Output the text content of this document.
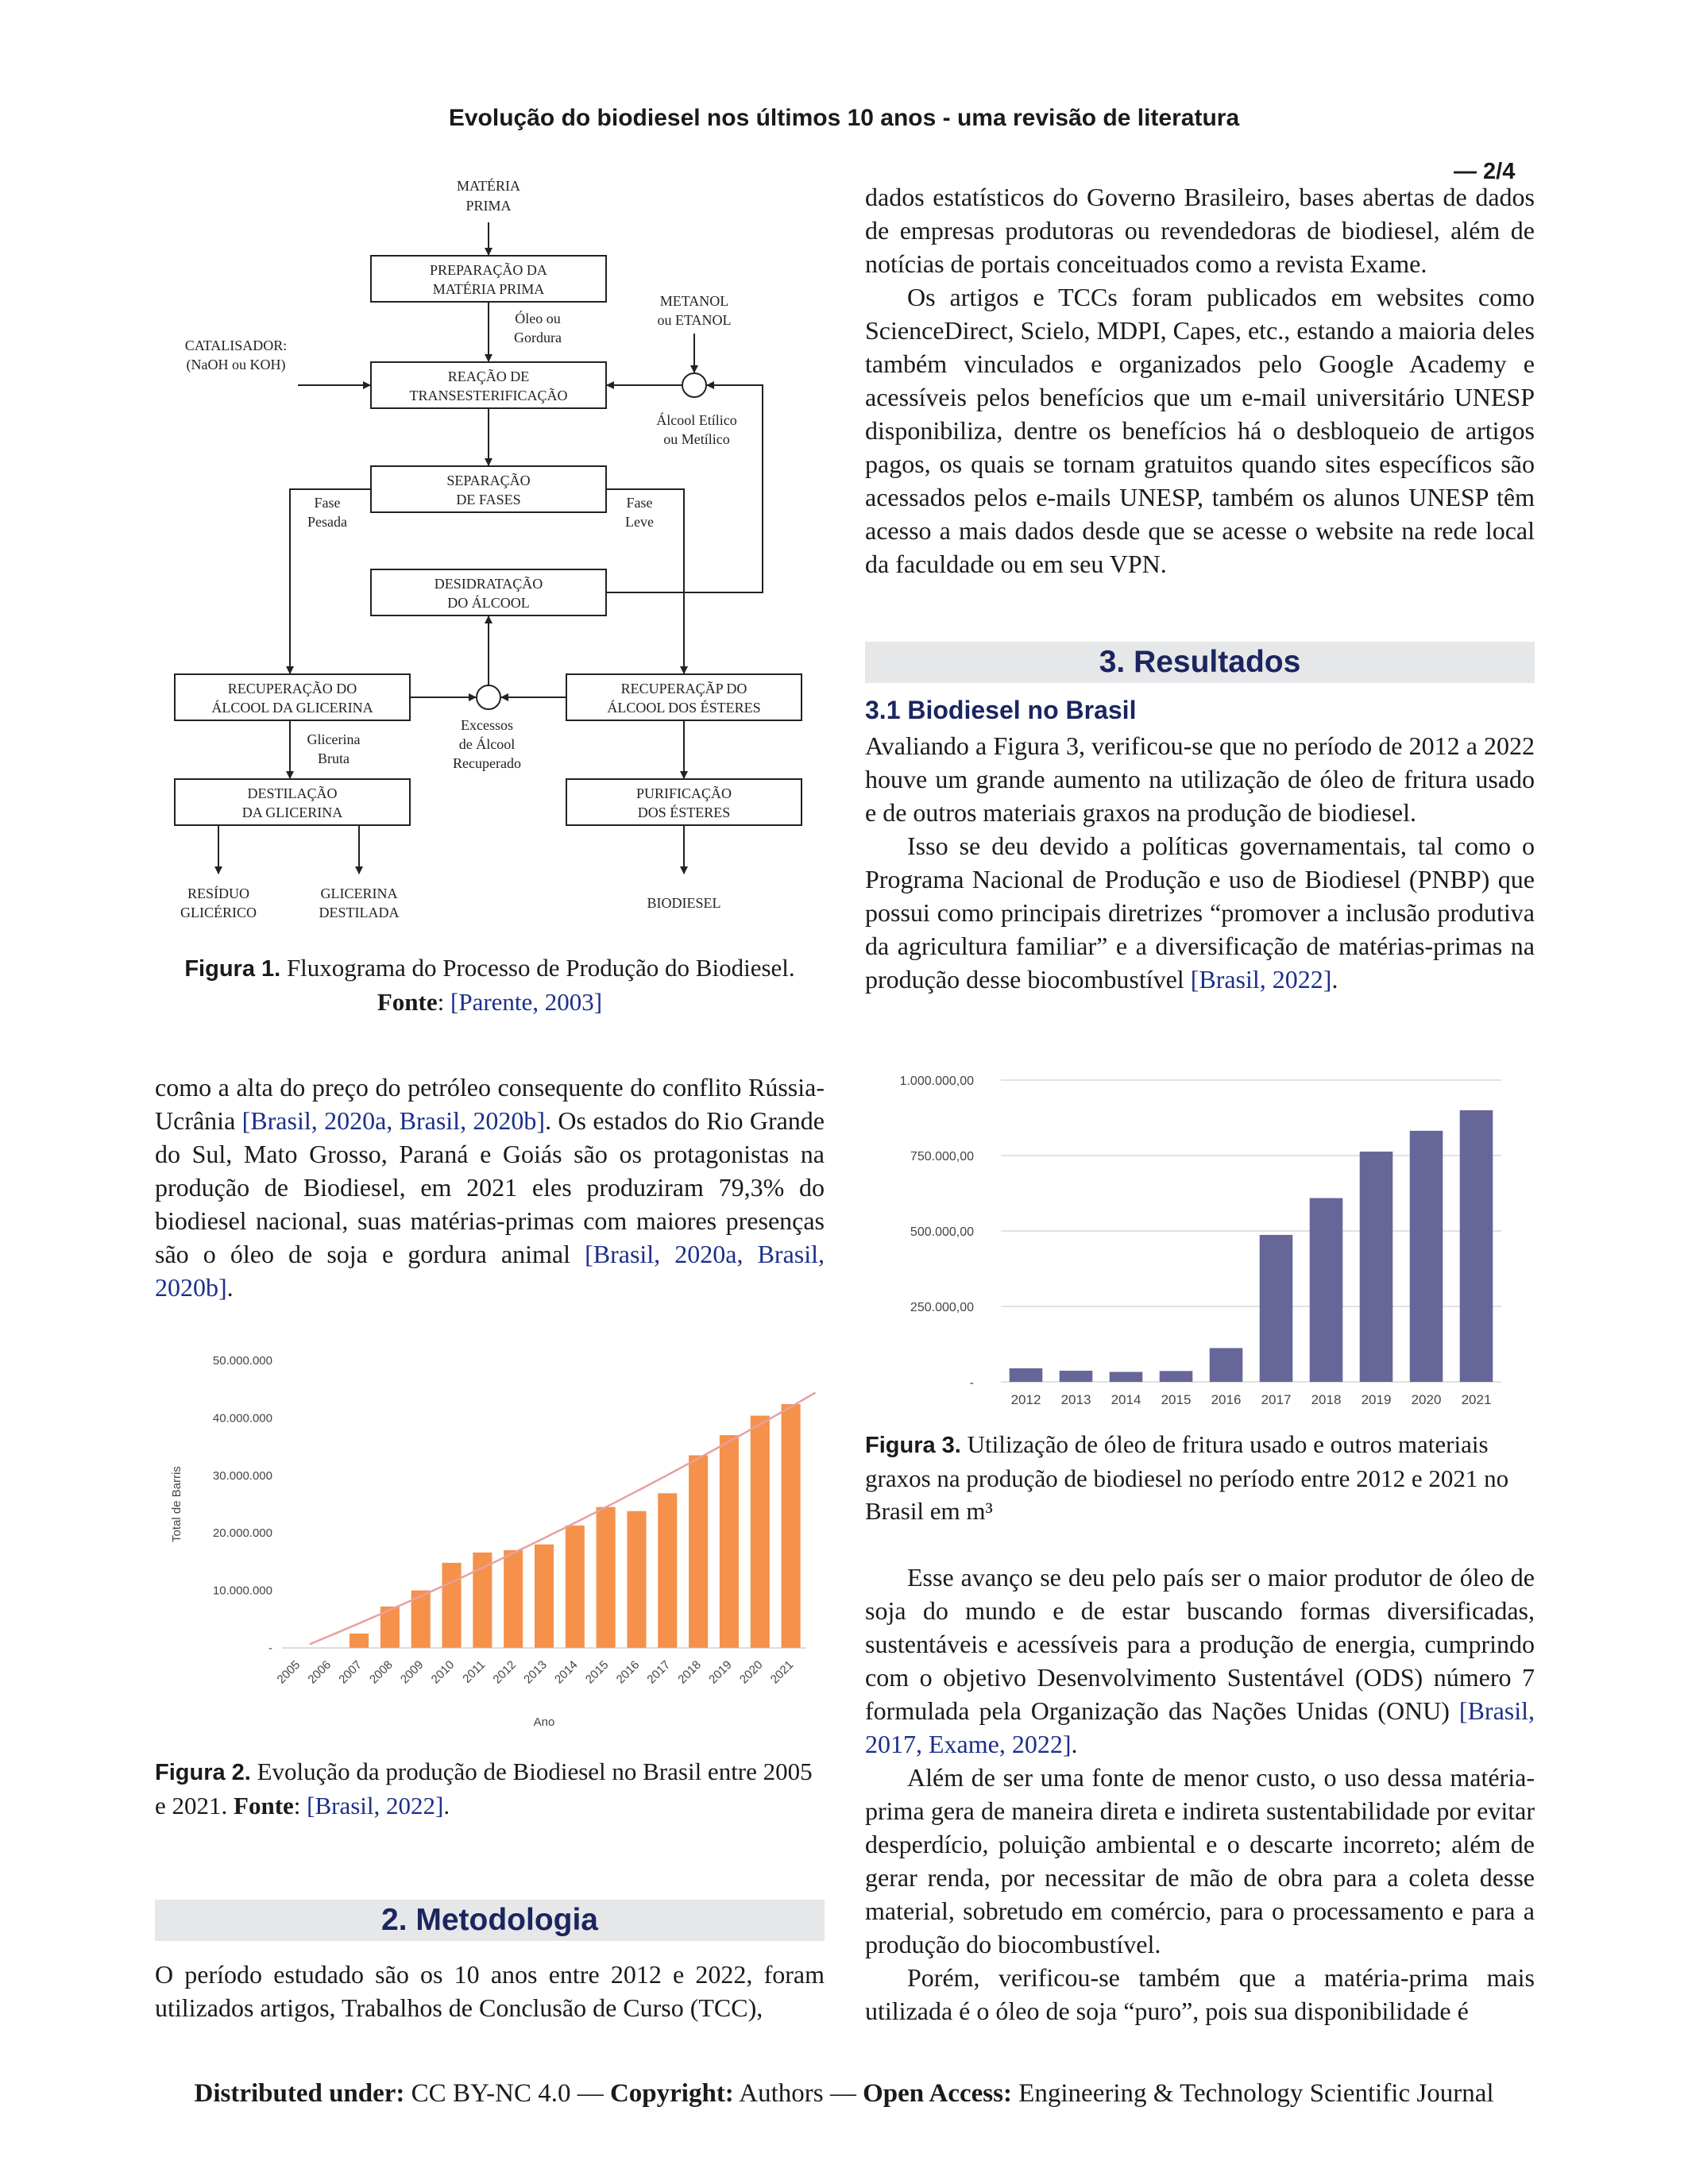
Evolução do biodiesel nos últimos 10 anos - uma revisão de literatura
— 2/4
MATÉRIA
PRIMA
PREPARAÇÃO DA
MATÉRIA PRIMA
Óleo ou
Gordura
METANOL
ou ETANOL
CATALISADOR:
(NaOH ou KOH)
REAÇÃO DE
TRANSESTERIFICAÇÃO
Álcool Etílico
ou Metílico
SEPARAÇÃO
DE FASES
Fase
Pesada
Fase
Leve
DESIDRATAÇÃO
DO ÁLCOOL
RECUPERAÇÃO DO
ÁLCOOL DA GLICERINA
RECUPERAÇÃP DO
ÁLCOOL DOS ÉSTERES
Excessos
de Álcool
Recuperado
Glicerina
Bruta
DESTILAÇÃO
DA GLICERINA
PURIFICAÇÃO
DOS ÉSTERES
RESÍDUO
GLICÉRICO
GLICERINA
DESTILADA
BIODIESEL
Figura 1. Fluxograma do Processo de Produção do Biodiesel.
Fonte: [Parente, 2003]
como a alta do preço do petróleo consequente do conflito Rússia-Ucrânia [Brasil, 2020a, Brasil, 2020b]. Os estados do Rio Grande do Sul, Mato Grosso, Paraná e Goiás são os protagonistas na produção de Biodiesel, em 2021 eles produziram 79,3% do biodiesel nacional, suas matérias-primas com maiores presenças são o óleo de soja e gordura animal [Brasil, 2020a, Brasil, 2020b].
-
10.000.000
20.000.000
30.000.000
40.000.000
50.000.000
Total de Barris
2005 2006 2007 2008 2009 2010 2011 2012 2013 2014 2015 2016 2017 2018 2019 2020 2021
Ano
Figura 2. Evolução da produção de Biodiesel no Brasil entre 2005 e 2021. Fonte: [Brasil, 2022].
2. Metodologia
O período estudado são os 10 anos entre 2012 e 2022, foram utilizados artigos, Trabalhos de Conclusão de Curso (TCC),

dados estatísticos do Governo Brasileiro, bases abertas de dados de empresas produtoras ou revendedoras de biodiesel, além de notícias de portais conceituados como a revista Exame.

Os artigos e TCCs foram publicados em websites como ScienceDirect, Scielo, MDPI, Capes, etc., estando a maioria deles também vinculados e organizados pelo Google Academy e acessíveis pelos benefícios que um e-mail universitário UNESP disponibiliza, dentre os benefícios há o desbloqueio de artigos pagos, os quais se tornam gratuitos quando sites específicos são acessados pelos e-mails UNESP, também os alunos UNESP têm acesso a mais dados desde que se acesse o website na rede local da faculdade ou em seu VPN.

3. Resultados
3.1 Biodiesel no Brasil

Avaliando a Figura 3, verificou-se que no período de 2012 a 2022 houve um grande aumento na utilização de óleo de fritura usado e de outros materiais graxos na produção de biodiesel.

Isso se deu devido a políticas governamentais, tal como o Programa Nacional de Produção e uso de Biodiesel (PNBP) que possui como principais diretrizes “promover a inclusão produtiva da agricultura familiar” e a diversificação de matérias-primas na produção desse biocombustível [Brasil, 2022].

-
250.000,00
500.000,00
750.000,00
1.000.000,00
2012 2013 2014 2015 2016 2017 2018 2019 2020 2021
Figura 3. Utilização de óleo de fritura usado e outros materiais graxos na produção de biodiesel no período entre 2012 e 2021 no Brasil em m³

Esse avanço se deu pelo país ser o maior produtor de óleo de soja do mundo e de estar buscando formas diversificadas, sustentáveis e acessíveis para a produção de energia, cumprindo com o objetivo Desenvolvimento Sustentável (ODS) número 7 formulada pela Organização das Nações Unidas (ONU) [Brasil, 2017, Exame, 2022].

Além de ser uma fonte de menor custo, o uso dessa matéria-prima gera de maneira direta e indireta sustentabilidade por evitar desperdício, poluição ambiental e o descarte incorreto; além de gerar renda, por necessitar de mão de obra para a coleta desse material, sobretudo em comércio, para o processamento e para a produção do biocombustível.

Porém, verificou-se também que a matéria-prima mais utilizada é o óleo de soja “puro”, pois sua disponibilidade é

Distributed under: CC BY-NC 4.0 — Copyright: Authors — Open Access: Engineering & Technology Scientific Journal
